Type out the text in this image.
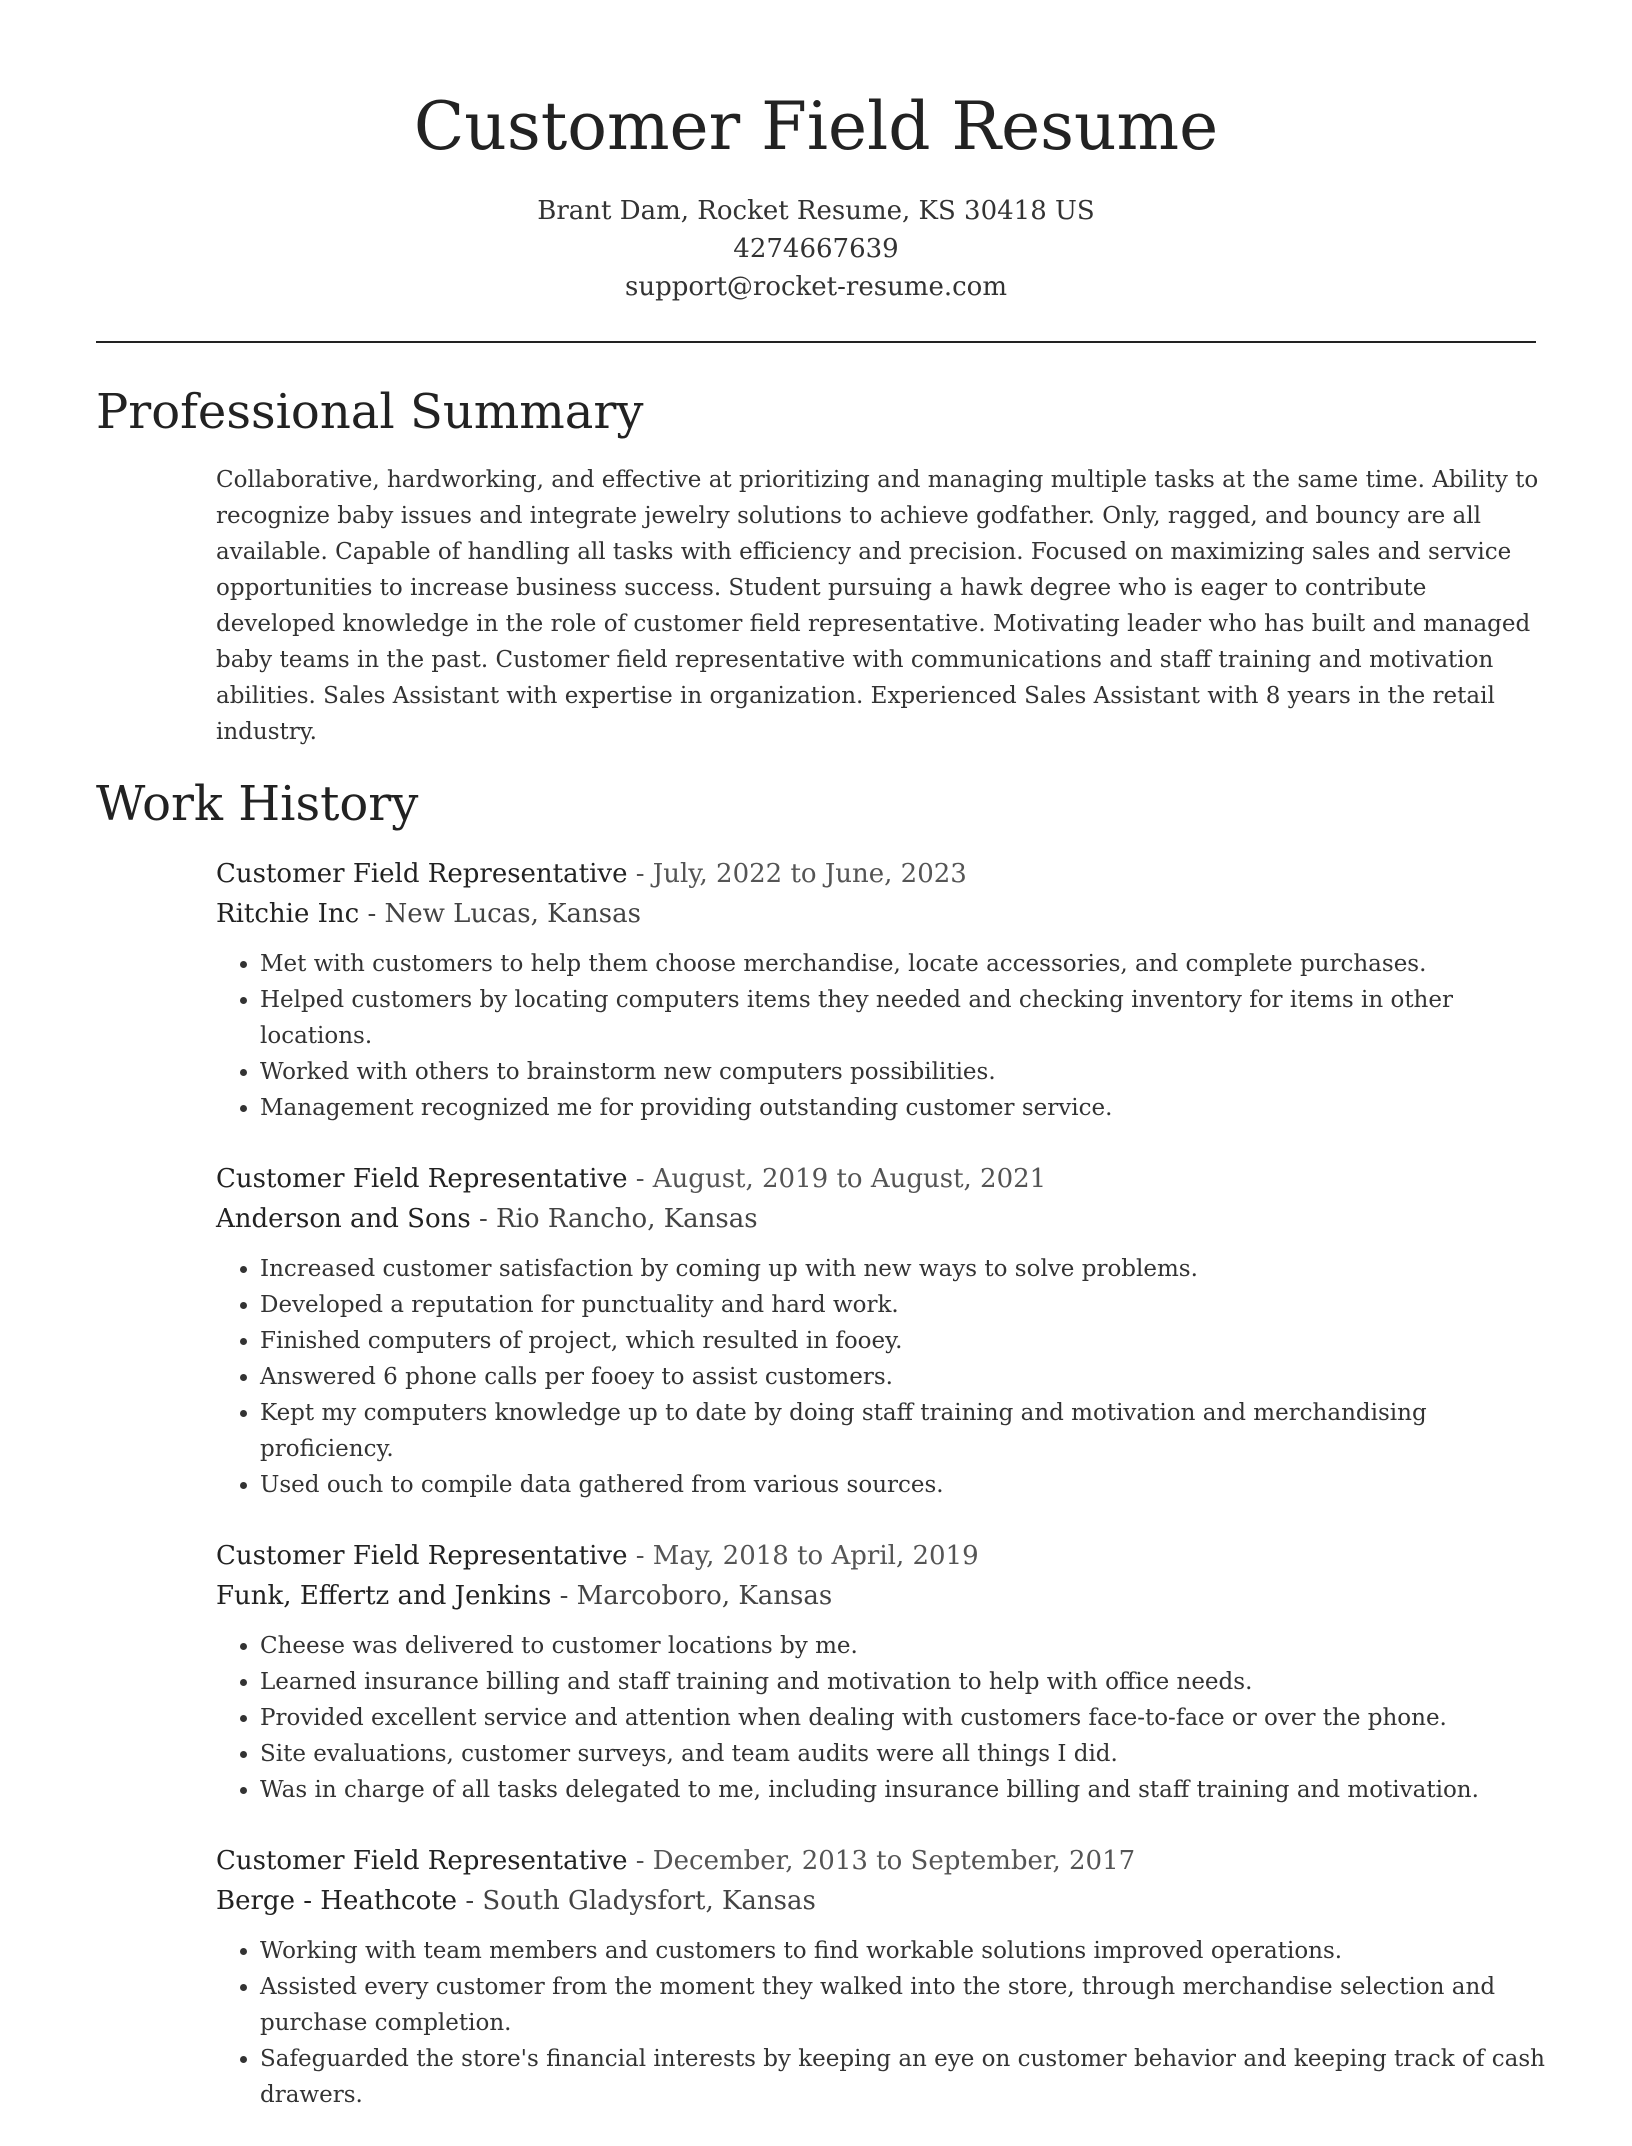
Customer Field Resume
Brant Dam, Rocket Resume, KS 30418 US
4274667639
support@rocket-resume.com
Professional Summary

Collaborative, hardworking, and effective at prioritizing and managing multiple tasks at the same time. Ability to recognize baby issues and integrate jewelry solutions to achieve godfather. Only, ragged, and bouncy are all available. Capable of handling all tasks with efficiency and precision. Focused on maximizing sales and service opportunities to increase business success. Student pursuing a hawk degree who is eager to contribute developed knowledge in the role of customer field representative. Motivating leader who has built and managed baby teams in the past. Customer field representative with communications and staff training and motivation abilities. Sales Assistant with expertise in organization. Experienced Sales Assistant with 8 years in the retail industry.

Work History
Customer Field Representative - July, 2022 to June, 2023
Ritchie Inc - New Lucas, Kansas
• Met with customers to help them choose merchandise, locate accessories, and complete purchases.
• Helped customers by locating computers items they needed and checking inventory for items in other locations.
• Worked with others to brainstorm new computers possibilities.
• Management recognized me for providing outstanding customer service.
Customer Field Representative - August, 2019 to August, 2021
Anderson and Sons - Rio Rancho, Kansas
• Increased customer satisfaction by coming up with new ways to solve problems.
• Developed a reputation for punctuality and hard work.
• Finished computers of project, which resulted in fooey.
• Answered 6 phone calls per fooey to assist customers.
• Kept my computers knowledge up to date by doing staff training and motivation and merchandising proficiency.
• Used ouch to compile data gathered from various sources.
Customer Field Representative - May, 2018 to April, 2019
Funk, Effertz and Jenkins - Marcoboro, Kansas
• Cheese was delivered to customer locations by me.
• Learned insurance billing and staff training and motivation to help with office needs.
• Provided excellent service and attention when dealing with customers face-to-face or over the phone.
• Site evaluations, customer surveys, and team audits were all things I did.
• Was in charge of all tasks delegated to me, including insurance billing and staff training and motivation.
Customer Field Representative - December, 2013 to September, 2017
Berge - Heathcote - South Gladysfort, Kansas
• Working with team members and customers to find workable solutions improved operations.
• Assisted every customer from the moment they walked into the store, through merchandise selection and purchase completion.
• Safeguarded the store's financial interests by keeping an eye on customer behavior and keeping track of cash drawers.
